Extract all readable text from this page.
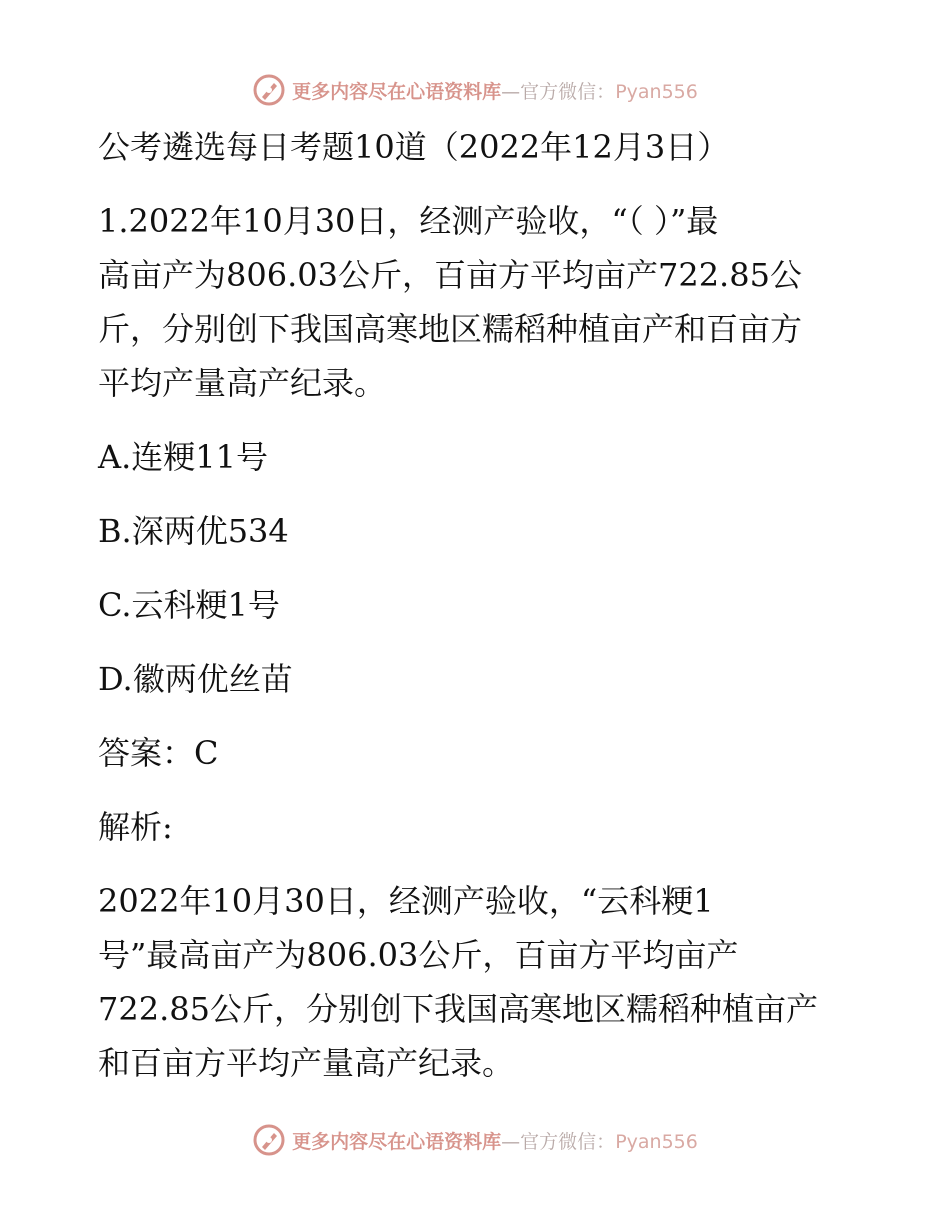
更多内容尽在心语资料库—官方微信：Pyan556
公考遴选每日考题10道（2022年12月3日）
1.2022年10月30日，经测产验收，“（ ）”最
高亩产为806.03公斤，百亩方平均亩产722.85公
斤，分别创下我国高寒地区糯稻种植亩产和百亩方
平均产量高产纪录。
A.连粳11号
B.深两优534
C.云科粳1号
D.徽两优丝苗
答案：C
解析:
2022年10月30日，经测产验收，“云科粳1
号”最高亩产为806.03公斤，百亩方平均亩产
722.85公斤，分别创下我国高寒地区糯稻种植亩产
和百亩方平均产量高产纪录。
更多内容尽在心语资料库—官方微信：Pyan556
